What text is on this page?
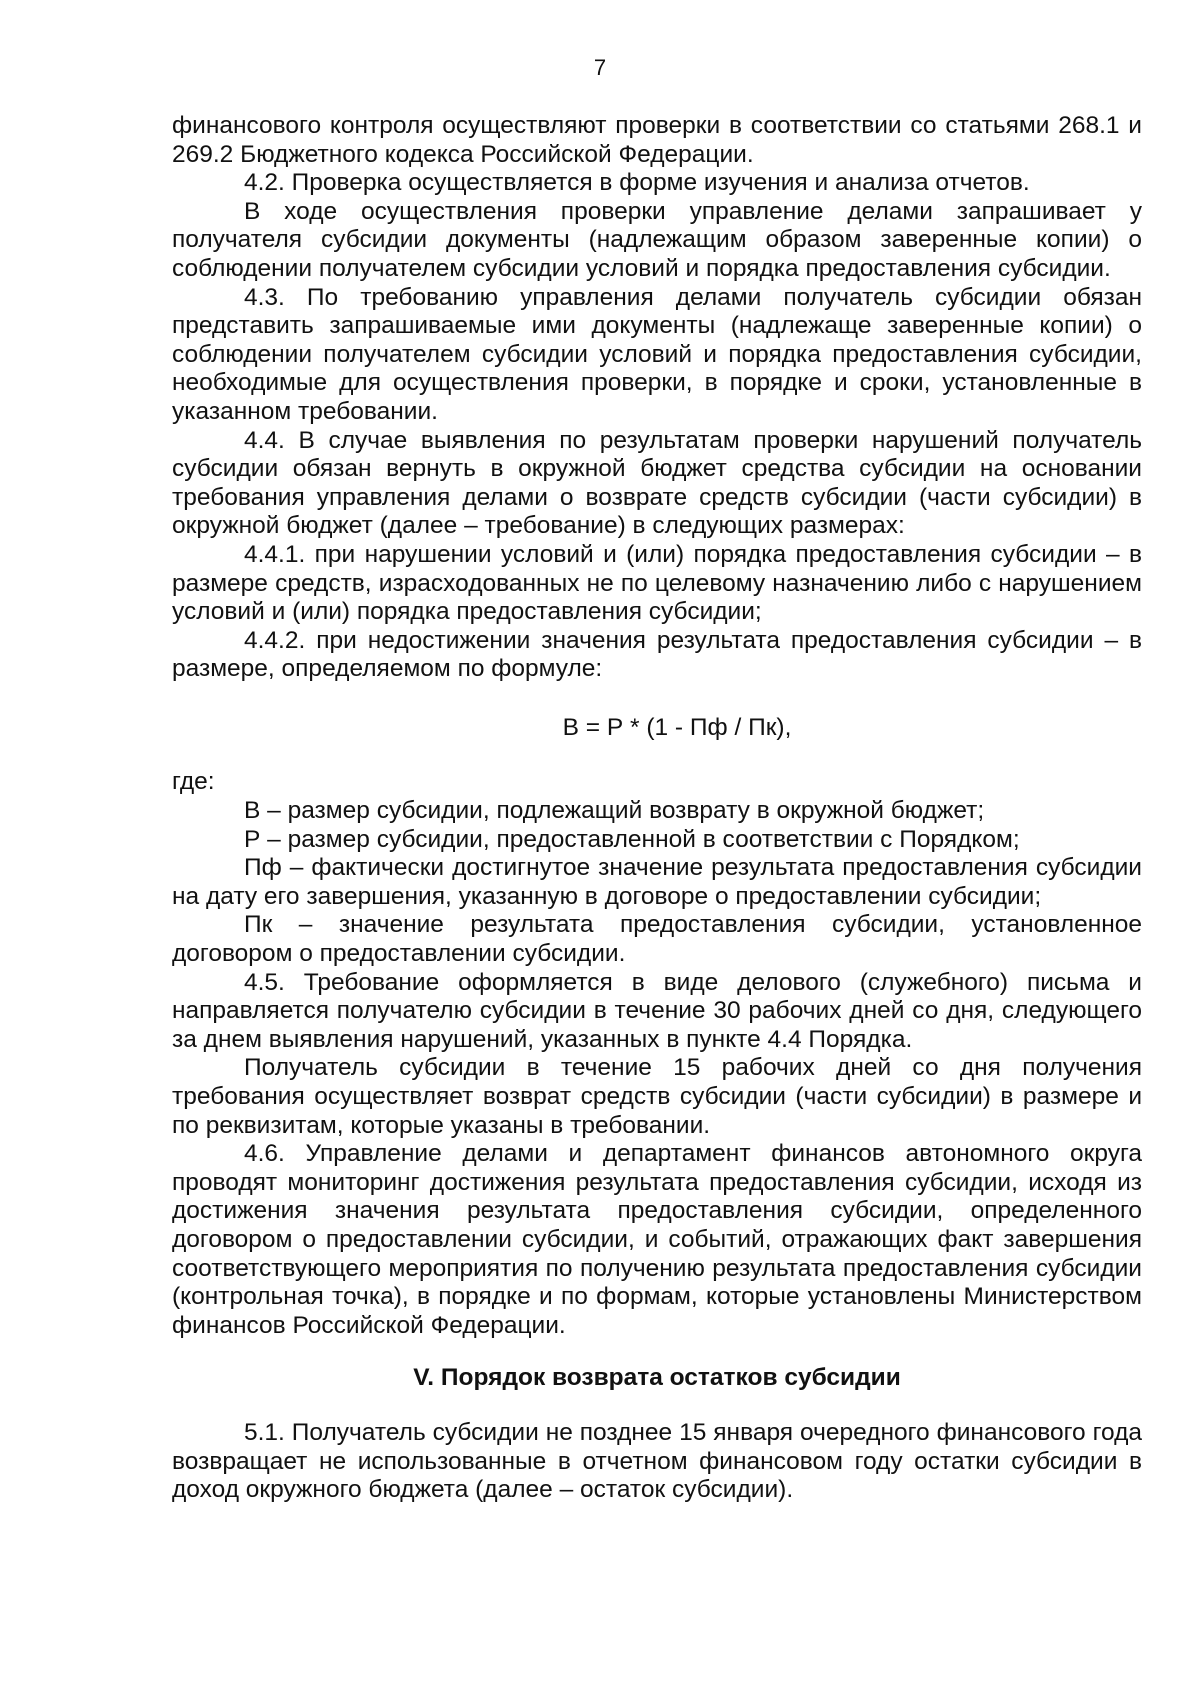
7

финансового контроля осуществляют проверки в соответствии со статьями 268.1 и 269.2 Бюджетного кодекса Российской Федерации.

4.2. Проверка осуществляется в форме изучения и анализа отчетов.

В ходе осуществления проверки управление делами запрашивает у получателя субсидии документы (надлежащим образом заверенные копии) о соблюдении получателем субсидии условий и порядка предоставления субсидии.

4.3. По требованию управления делами получатель субсидии обязан представить запрашиваемые ими документы (надлежаще заверенные копии) о соблюдении получателем субсидии условий и порядка предоставления субсидии, необходимые для осуществления проверки, в порядке и сроки, установленные в указанном требовании.

4.4. В случае выявления по результатам проверки нарушений получатель субсидии обязан вернуть в окружной бюджет средства субсидии на основании требования управления делами о возврате средств субсидии (части субсидии) в окружной бюджет (далее – требование) в следующих размерах:

4.4.1. при нарушении условий и (или) порядка предоставления субсидии – в размере средств, израсходованных не по целевому назначению либо с нарушением условий и (или) порядка предоставления субсидии;

4.4.2. при недостижении значения результата предоставления субсидии – в размере, определяемом по формуле:

В = Р * (1 - Пф / Пк),

где:

В – размер субсидии, подлежащий возврату в окружной бюджет;

Р – размер субсидии, предоставленной в соответствии с Порядком;

Пф – фактически достигнутое значение результата предоставления субсидии на дату его завершения, указанную в договоре о предоставлении субсидии;

Пк – значение результата предоставления субсидии, установленное договором о предоставлении субсидии.

4.5. Требование оформляется в виде делового (служебного) письма и направляется получателю субсидии в течение 30 рабочих дней со дня, следующего за днем выявления нарушений, указанных в пункте 4.4 Порядка.

Получатель субсидии в течение 15 рабочих дней со дня получения требования осуществляет возврат средств субсидии (части субсидии) в размере и по реквизитам, которые указаны в требовании.

4.6. Управление делами и департамент финансов автономного округа проводят мониторинг достижения результата предоставления субсидии, исходя из достижения значения результата предоставления субсидии, определенного договором о предоставлении субсидии, и событий, отражающих факт завершения соответствующего мероприятия по получению результата предоставления субсидии (контрольная точка), в порядке и по формам, которые установлены Министерством финансов Российской Федерации.

V. Порядок возврата остатков субсидии

5.1. Получатель субсидии не позднее 15 января очередного финансового года возвращает не использованные в отчетном финансовом году остатки субсидии в доход окружного бюджета (далее – остаток субсидии).
